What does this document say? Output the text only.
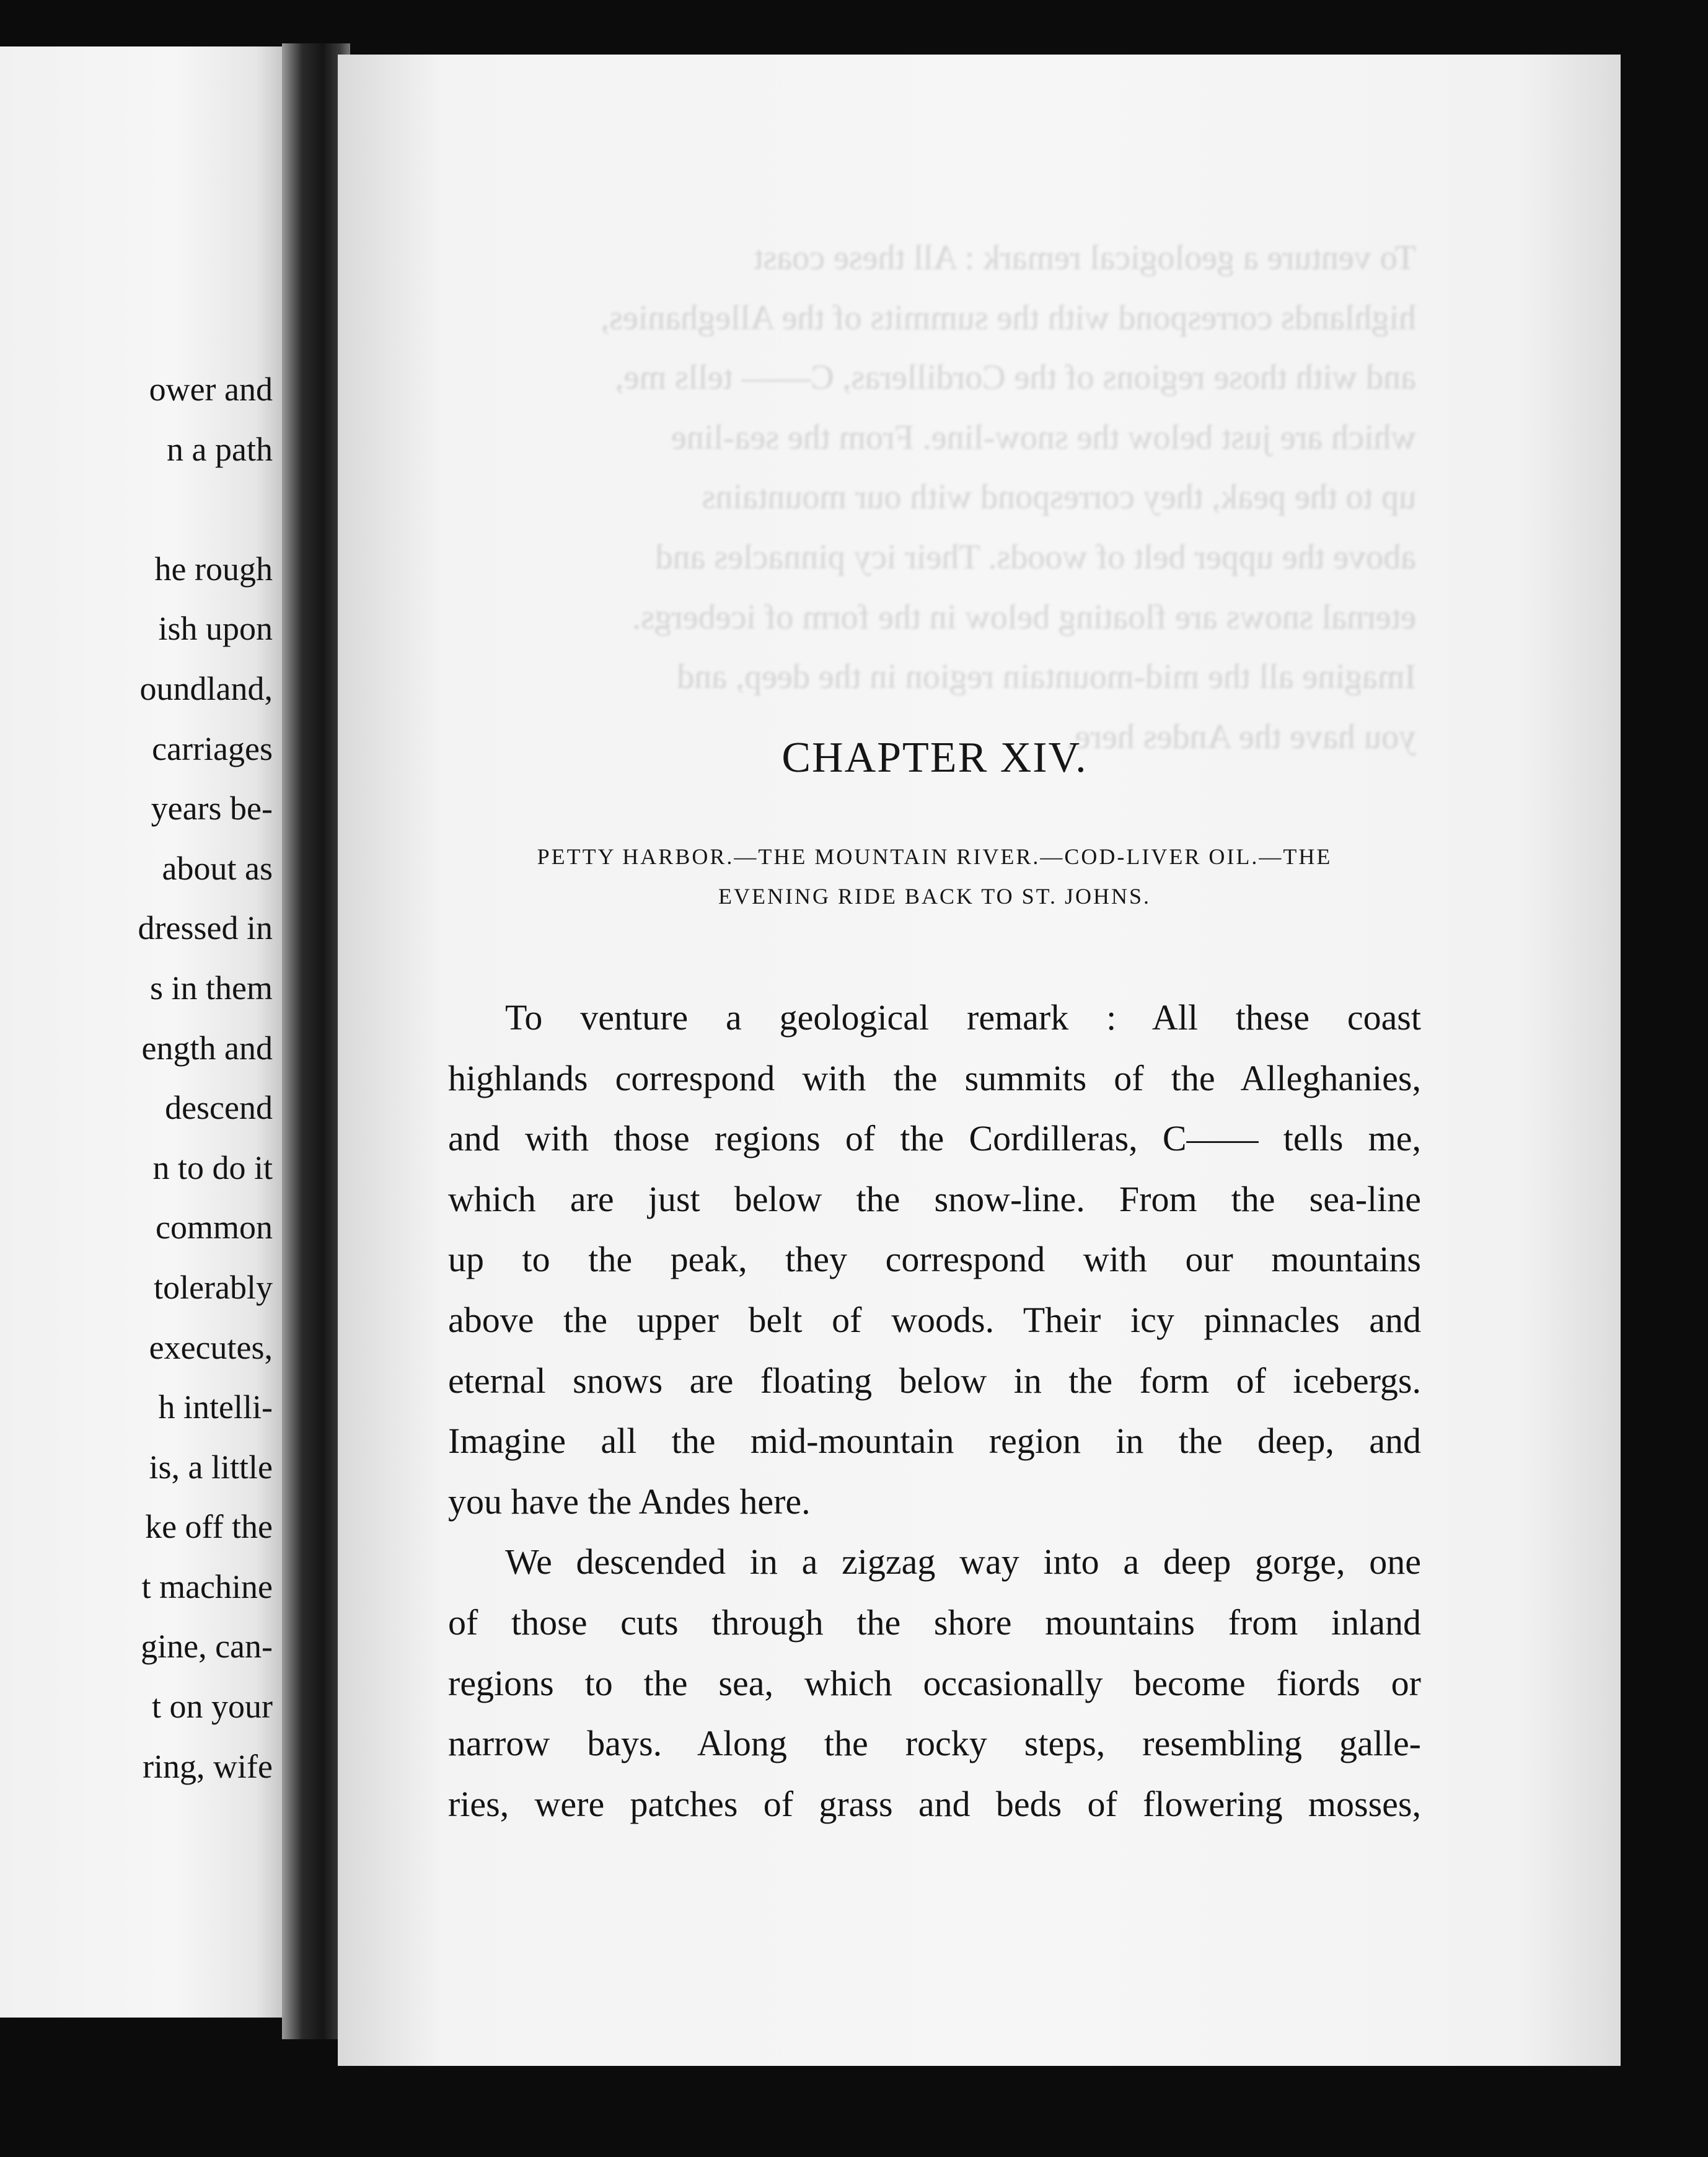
ower and
n a path
he rough
ish upon
oundland,
carriages
years be-
about as
dressed in
s in them
ength and
descend
n to do it
common
tolerably
executes,
h intelli-
is, a little
ke off the
t machine
gine, can-
t on your
ring, wife
To venture a geological remark : All these coast
highlands correspond with the summits of the Alleghanies,
and with those regions of the Cordilleras, C—— tells me,
which are just below the snow-line. From the sea-line
up to the peak, they correspond with our mountains
above the upper belt of woods. Their icy pinnacles and
eternal snows are floating below in the form of icebergs.
Imagine all the mid-mountain region in the deep, and
you have the Andes here.
CHAPTER XIV.
PETTY HARBOR.—THE MOUNTAIN RIVER.—COD-LIVER OIL.—THE
EVENING RIDE BACK TO ST. JOHNS.
To venture a geological remark : All these coast
highlands correspond with the summits of the Alleghanies,
and with those regions of the Cordilleras, C—— tells me,
which are just below the snow-line. From the sea-line
up to the peak, they correspond with our mountains
above the upper belt of woods. Their icy pinnacles and
eternal snows are floating below in the form of icebergs.
Imagine all the mid-mountain region in the deep, and
you have the Andes here.
We descended in a zigzag way into a deep gorge, one
of those cuts through the shore mountains from inland
regions to the sea, which occasionally become fiords or
narrow bays. Along the rocky steps, resembling galle-
ries, were patches of grass and beds of flowering mosses,
